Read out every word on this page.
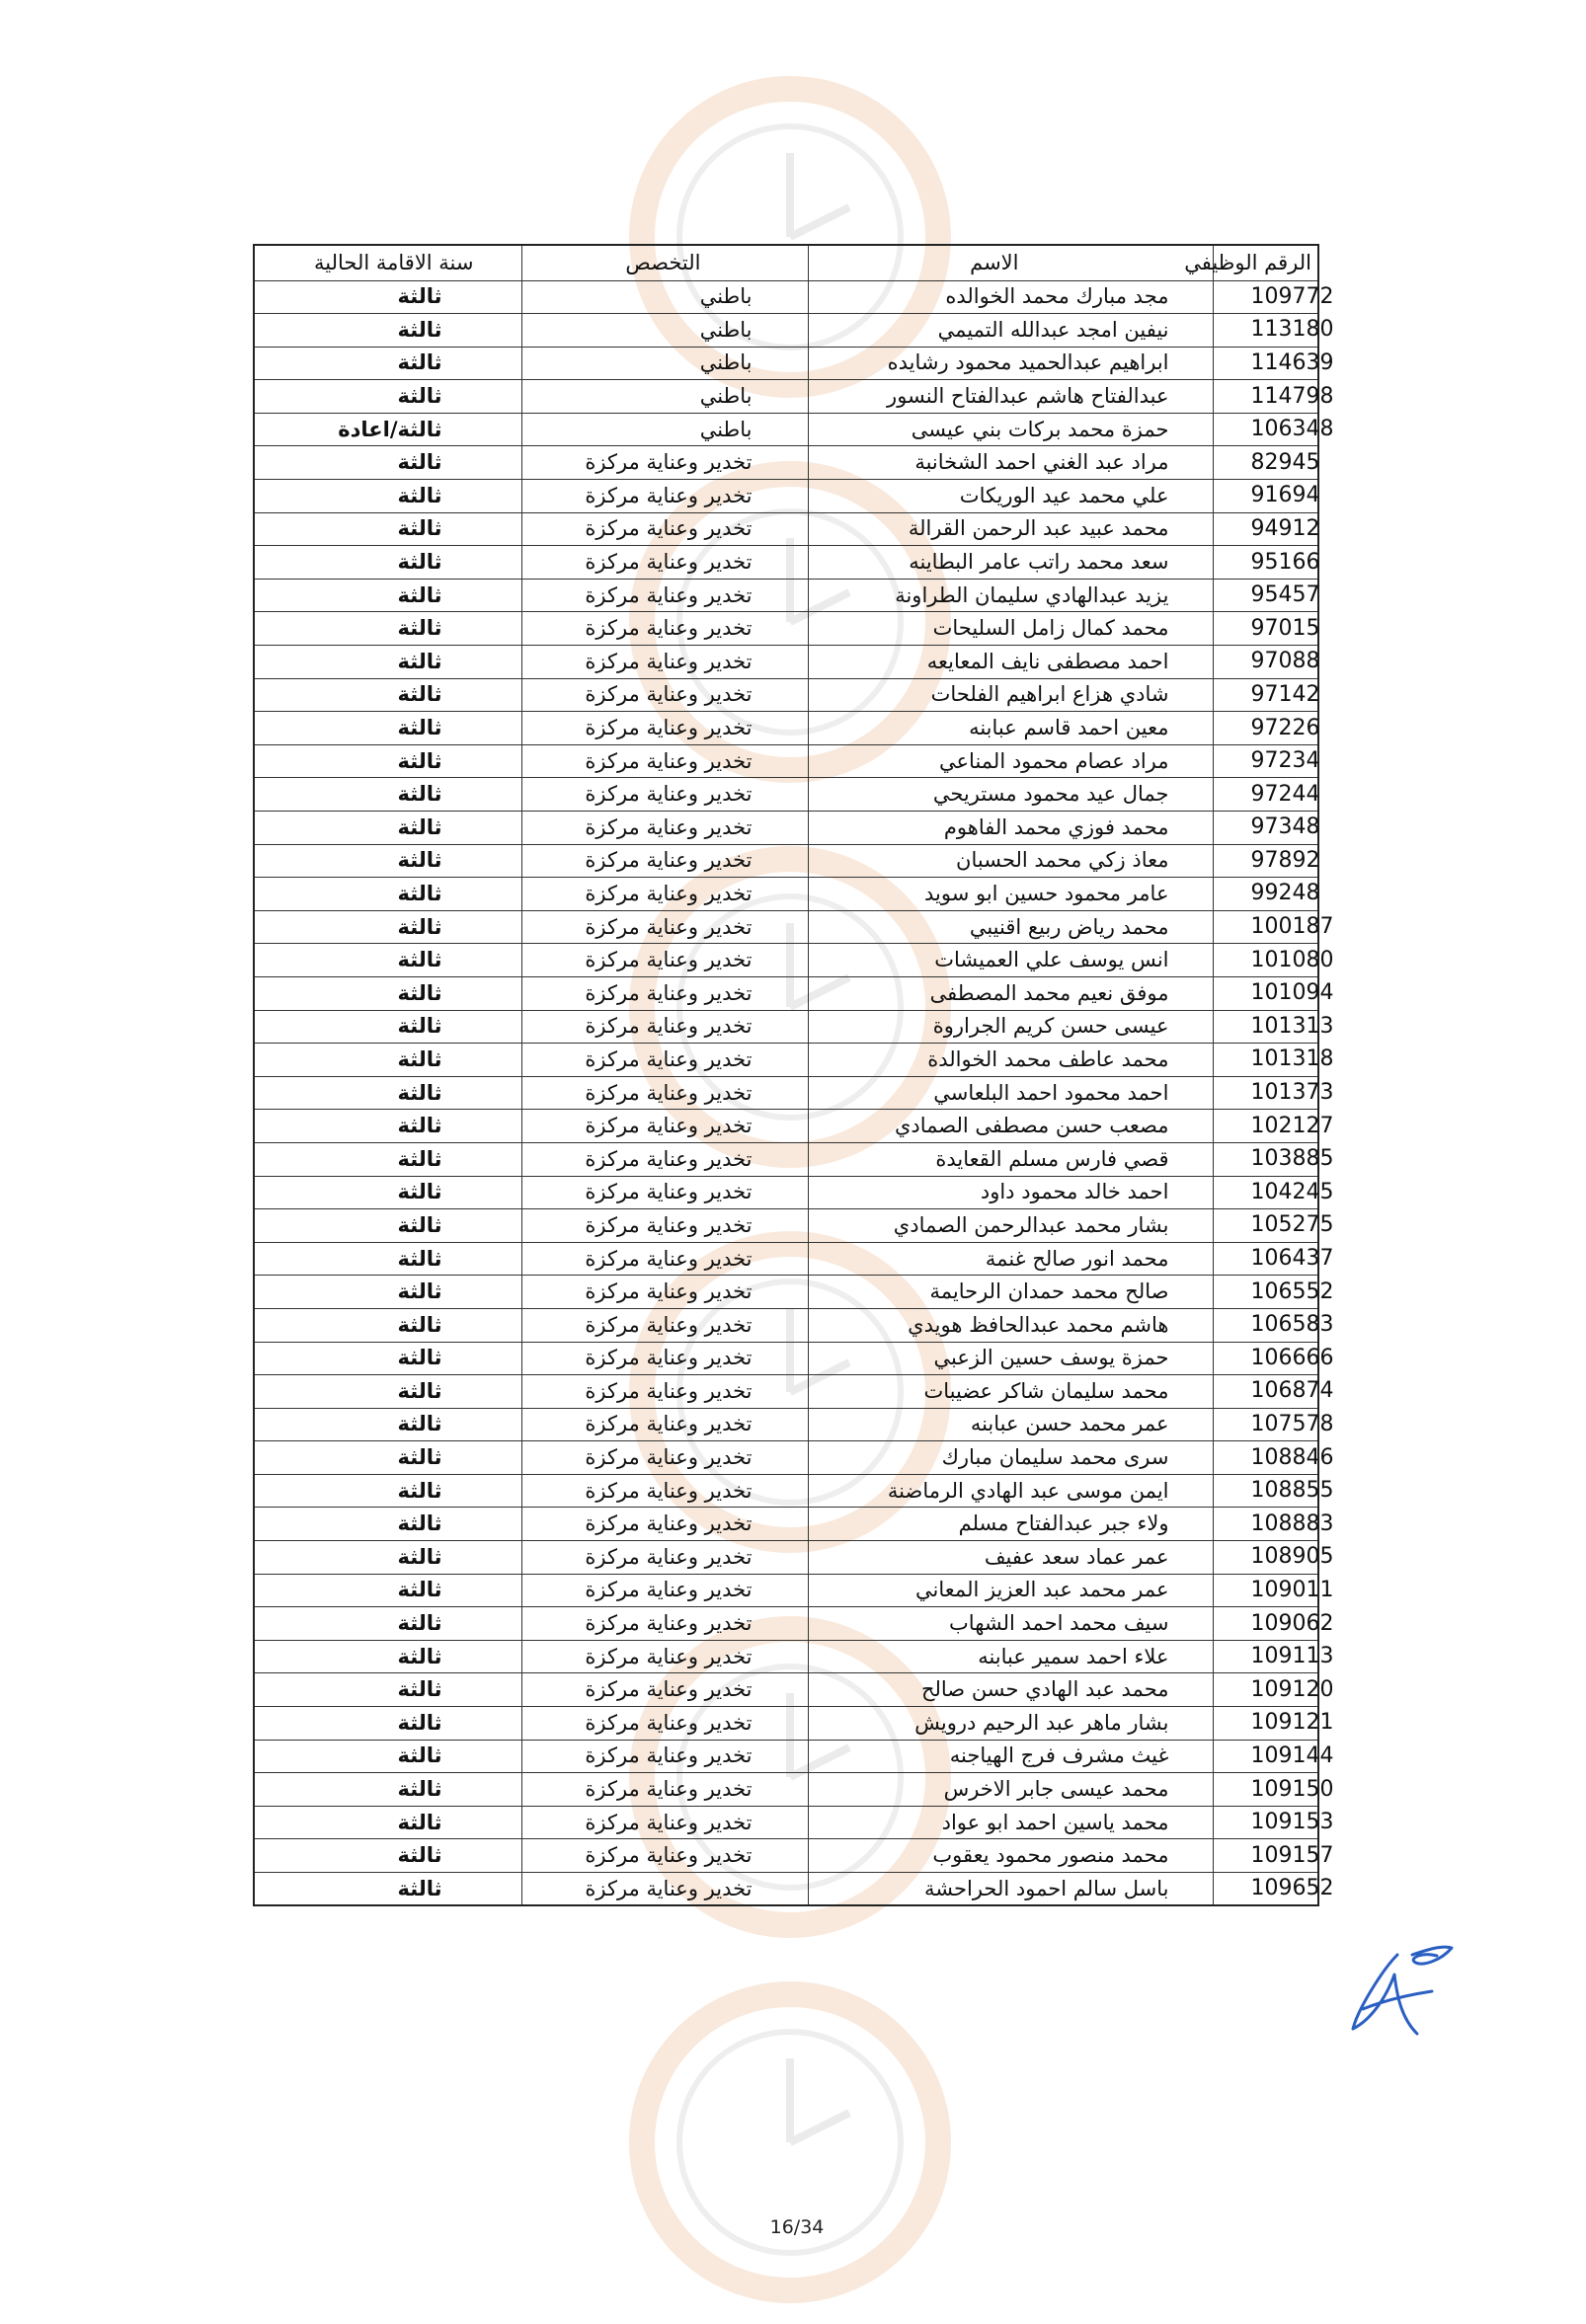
الرقم الوظيفي	الاسم	التخصص	سنة الاقامة الحالية
109772	مجد مبارك محمد الخوالده	باطني	ثالثة
113180	نيفين امجد عبدالله التميمي	باطني	ثالثة
114639	ابراهيم عبدالحميد محمود رشايده	باطني	ثالثة
114798	عبدالفتاح هاشم عبدالفتاح النسور	باطني	ثالثة
106348	حمزة محمد بركات بني عيسى	باطني	ثالثة/اعادة
82945	مراد عبد الغني احمد الشخانبة	تخدير وعناية مركزة	ثالثة
91694	علي محمد عيد الوريكات	تخدير وعناية مركزة	ثالثة
94912	محمد عبيد عبد الرحمن القرالة	تخدير وعناية مركزة	ثالثة
95166	سعد محمد راتب عامر البطاينه	تخدير وعناية مركزة	ثالثة
95457	يزيد عبدالهادي سليمان الطراونة	تخدير وعناية مركزة	ثالثة
97015	محمد كمال زامل السليحات	تخدير وعناية مركزة	ثالثة
97088	احمد مصطفى نايف المعايعه	تخدير وعناية مركزة	ثالثة
97142	شادي هزاع ابراهيم الفلحات	تخدير وعناية مركزة	ثالثة
97226	معين احمد قاسم عبابنه	تخدير وعناية مركزة	ثالثة
97234	مراد عصام محمود المناعي	تخدير وعناية مركزة	ثالثة
97244	جمال عيد محمود مستريحي	تخدير وعناية مركزة	ثالثة
97348	محمد فوزي محمد الفاهوم	تخدير وعناية مركزة	ثالثة
97892	معاذ زكي محمد الحسبان	تخدير وعناية مركزة	ثالثة
99248	عامر محمود حسين ابو سويد	تخدير وعناية مركزة	ثالثة
100187	محمد رياض ربيع اقنيبي	تخدير وعناية مركزة	ثالثة
101080	انس يوسف علي العميشات	تخدير وعناية مركزة	ثالثة
101094	موفق نعيم محمد المصطفى	تخدير وعناية مركزة	ثالثة
101313	عيسى حسن كريم الجراروة	تخدير وعناية مركزة	ثالثة
101318	محمد عاطف محمد الخوالدة	تخدير وعناية مركزة	ثالثة
101373	احمد محمود احمد البلعاسي	تخدير وعناية مركزة	ثالثة
102127	مصعب حسن مصطفى الصمادي	تخدير وعناية مركزة	ثالثة
103885	قصي فارس مسلم القعايدة	تخدير وعناية مركزة	ثالثة
104245	احمد خالد محمود داود	تخدير وعناية مركزة	ثالثة
105275	بشار محمد عبدالرحمن الصمادي	تخدير وعناية مركزة	ثالثة
106437	محمد انور صالح غنمة	تخدير وعناية مركزة	ثالثة
106552	صالح محمد حمدان الرحايمة	تخدير وعناية مركزة	ثالثة
106583	هاشم محمد عبدالحافظ هويدي	تخدير وعناية مركزة	ثالثة
106666	حمزة يوسف حسين الزعبي	تخدير وعناية مركزة	ثالثة
106874	محمد سليمان شاكر عضيبات	تخدير وعناية مركزة	ثالثة
107578	عمر محمد حسن عبابنه	تخدير وعناية مركزة	ثالثة
108846	سرى محمد سليمان مبارك	تخدير وعناية مركزة	ثالثة
108855	ايمن موسى عبد الهادي الرماضنة	تخدير وعناية مركزة	ثالثة
108883	ولاء جبر عبدالفتاح مسلم	تخدير وعناية مركزة	ثالثة
108905	عمر عماد سعد عفيف	تخدير وعناية مركزة	ثالثة
109011	عمر محمد عبد العزيز المعاني	تخدير وعناية مركزة	ثالثة
109062	سيف محمد احمد الشهاب	تخدير وعناية مركزة	ثالثة
109113	علاء احمد سمير عبابنه	تخدير وعناية مركزة	ثالثة
109120	محمد عبد الهادي حسن صالح	تخدير وعناية مركزة	ثالثة
109121	بشار ماهر عبد الرحيم درويش	تخدير وعناية مركزة	ثالثة
109144	غيث مشرف فرج الهياجنه	تخدير وعناية مركزة	ثالثة
109150	محمد عيسى جابر الاخرس	تخدير وعناية مركزة	ثالثة
109153	محمد ياسين احمد ابو عواد	تخدير وعناية مركزة	ثالثة
109157	محمد منصور محمود يعقوب	تخدير وعناية مركزة	ثالثة
109652	باسل سالم احمود الحراحشة	تخدير وعناية مركزة	ثالثة
16/34
